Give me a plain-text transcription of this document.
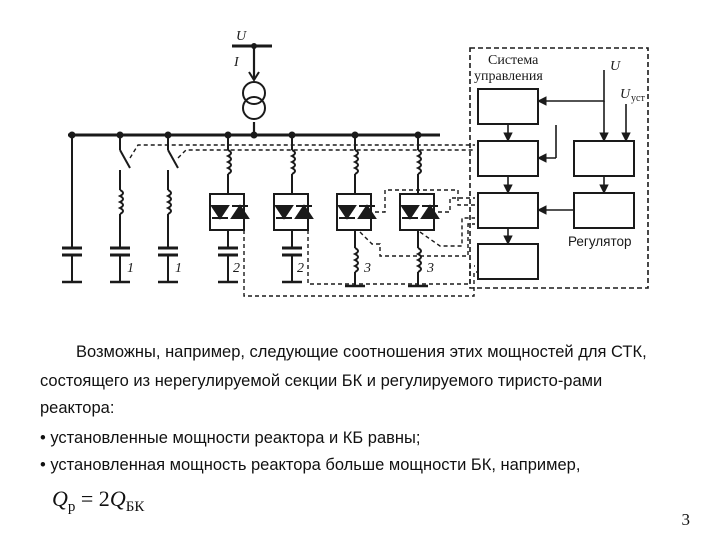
U
I
1	1	2	2	3	3
Система
управления
U
U уст
Регулятор
Возможны, например, следующие соотношения этих мощностей для СТК,
состоящего из нерегулируемой секции БК и регулируемого тиристо-рами
реактора:
• установленные мощности реактора и КБ равны;
• установленная мощность реактора больше мощности БК, например,
$Q_р = 2Q_{БК}$
3
